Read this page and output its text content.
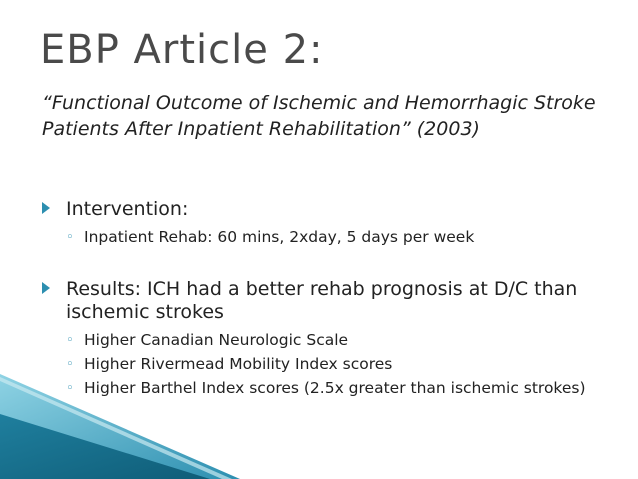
EBP Article 2:
“Functional Outcome of Ischemic and Hemorrhagic Stroke Patients After Inpatient Rehabilitation” (2003)
Intervention:
◦ Inpatient Rehab: 60 mins, 2xday, 5 days per week
Results: ICH had a better rehab prognosis at D/C than ischemic strokes
◦ Higher Canadian Neurologic Scale
◦ Higher Rivermead Mobility Index scores
◦ Higher Barthel Index scores (2.5x greater than ischemic strokes)
